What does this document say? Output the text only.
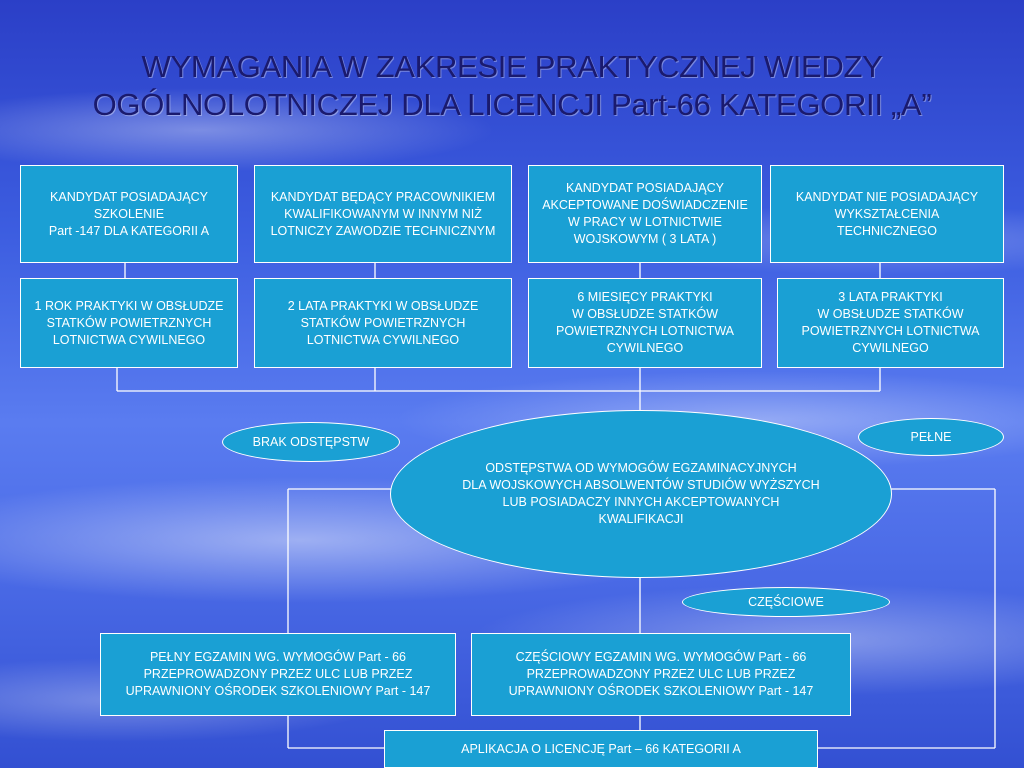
WYMAGANIA W ZAKRESIE PRAKTYCZNEJ WIEDZY
OGÓLNOLOTNICZEJ DLA LICENCJI Part-66 KATEGORII „A”
KANDYDAT POSIADAJĄCY
SZKOLENIE
Part -147 DLA KATEGORII A
KANDYDAT BĘDĄCY PRACOWNIKIEM
KWALIFIKOWANYM W INNYM NIŻ
LOTNICZY ZAWODZIE TECHNICZNYM
KANDYDAT POSIADAJĄCY
AKCEPTOWANE DOŚWIADCZENIE
W PRACY W LOTNICTWIE
WOJSKOWYM ( 3 LATA )
KANDYDAT NIE POSIADAJĄCY
WYKSZTAŁCENIA
TECHNICZNEGO
1 ROK PRAKTYKI W OBSŁUDZE
STATKÓW POWIETRZNYCH
LOTNICTWA CYWILNEGO
2 LATA PRAKTYKI W OBSŁUDZE
STATKÓW POWIETRZNYCH
LOTNICTWA CYWILNEGO
6 MIESIĘCY PRAKTYKI
W OBSŁUDZE STATKÓW
POWIETRZNYCH LOTNICTWA
CYWILNEGO
3 LATA PRAKTYKI
W OBSŁUDZE STATKÓW
POWIETRZNYCH LOTNICTWA
CYWILNEGO
BRAK ODSTĘPSTW	PEŁNE
ODSTĘPSTWA OD WYMOGÓW EGZAMINACYJNYCH
DLA WOJSKOWYCH ABSOLWENTÓW STUDIÓW WYŻSZYCH
LUB POSIADACZY INNYCH AKCEPTOWANYCH
KWALIFIKACJI
CZĘŚCIOWE
PEŁNY EGZAMIN WG. WYMOGÓW Part - 66
PRZEPROWADZONY PRZEZ ULC LUB PRZEZ
UPRAWNIONY OŚRODEK SZKOLENIOWY Part - 147
CZĘŚCIOWY EGZAMIN WG. WYMOGÓW Part - 66
PRZEPROWADZONY PRZEZ ULC LUB PRZEZ
UPRAWNIONY OŚRODEK SZKOLENIOWY Part - 147
APLIKACJA O LICENCJĘ Part – 66 KATEGORII A
